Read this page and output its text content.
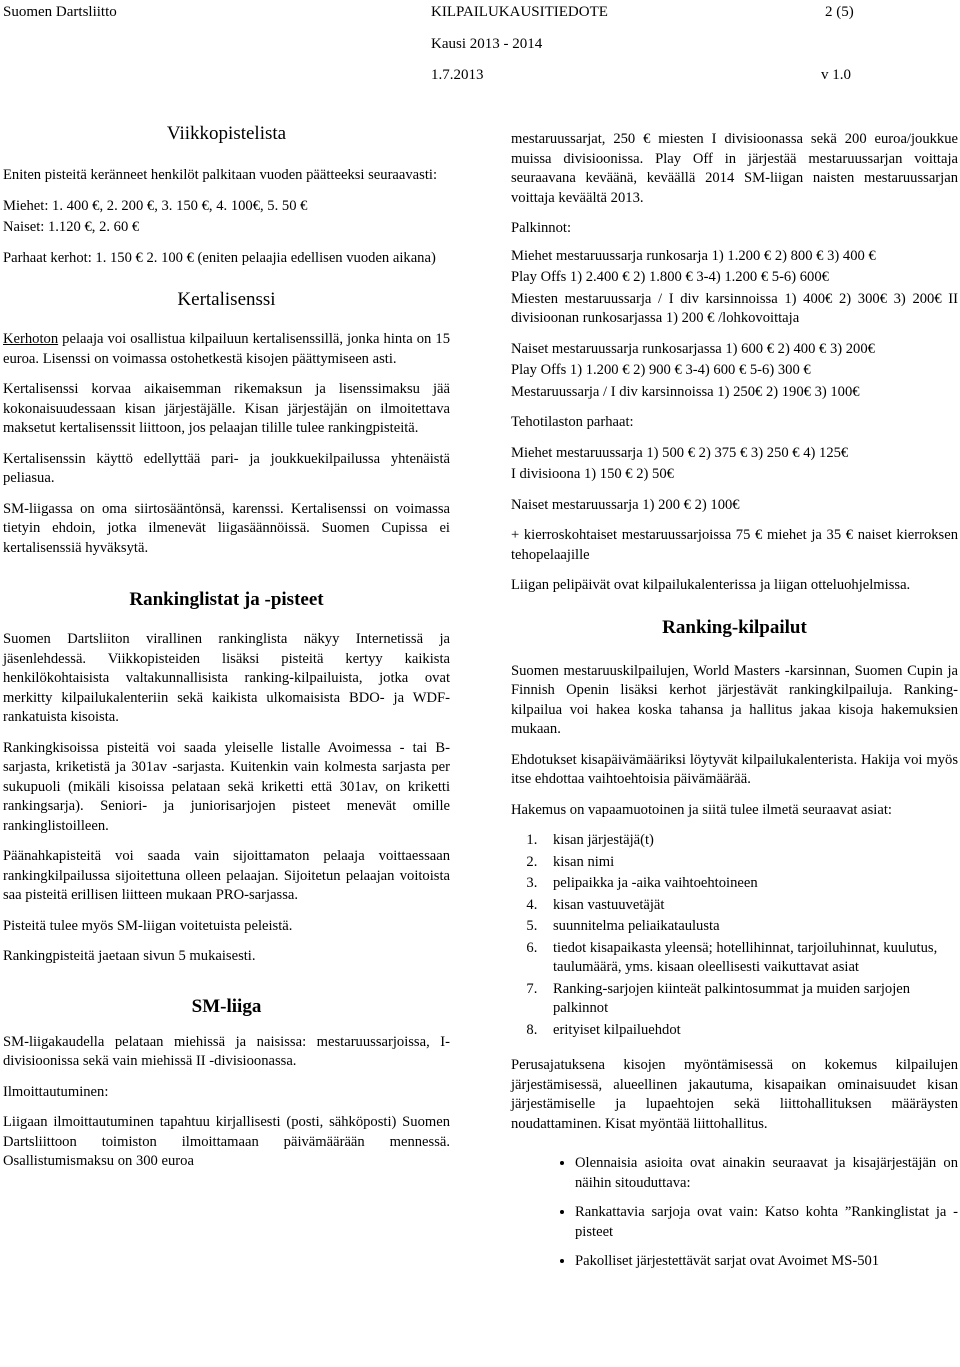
Suomen Dartsliitto	KILPAILUKAUSITIEDOTE	2 (5)
Kausi 2013 - 2014
1.7.2013	v 1.0
Viikkopistelista

Eniten pisteitä keränneet henkilöt palkitaan vuoden päätteeksi seuraavasti:

Miehet: 1. 400 €, 2. 200 €, 3. 150 €, 4. 100€, 5. 50 €

Naiset: 1.120 €, 2. 60 €

Parhaat kerhot: 1. 150 € 2. 100 € (eniten pelaajia edellisen vuoden aikana)

Kertalisenssi

Kerhoton pelaaja voi osallistua kilpailuun kertalisenssillä, jonka hinta on 15 euroa. Lisenssi on voimassa ostohetkestä kisojen päättymiseen asti.

Kertalisenssi korvaa aikaisemman rikemaksun ja lisenssimaksu jää kokonaisuudessaan kisan järjestäjälle. Kisan järjestäjän on ilmoitettava maksetut kertalisenssit liittoon, jos pelaajan tilille tulee rankingpisteitä.

Kertalisenssin käyttö edellyttää pari- ja joukkuekilpailussa yhtenäistä peliasua.

SM-liigassa on oma siirtosääntönsä, karenssi. Kertalisenssi on voimassa tietyin ehdoin, jotka ilmenevät liigasäännöissä. Suomen Cupissa ei kertalisenssiä hyväksytä.

Rankinglistat ja -pisteet

Suomen Dartsliiton virallinen rankinglista näkyy Internetissä ja jäsenlehdessä. Viikkopisteiden lisäksi pisteitä kertyy kaikista henkilökohtaisista valtakunnallisista ranking-kilpailuista, jotka ovat merkitty kilpailukalenteriin sekä kaikista ulkomaisista BDO- ja WDF-rankatuista kisoista.

Rankingkisoissa pisteitä voi saada yleiselle listalle Avoimessa - tai B-sarjasta, kriketistä ja 301av -sarjasta. Kuitenkin vain kolmesta sarjasta per sukupuoli (mikäli kisoissa pelataan sekä kriketti että 301av, on kriketti rankingsarja). Seniori- ja juniorisarjojen pisteet menevät omille rankinglistoilleen.

Päänahkapisteitä voi saada vain sijoittamaton pelaaja voittaessaan rankingkilpailussa sijoitettuna olleen pelaajan. Sijoitetun pelaajan voitoista saa pisteitä erillisen liitteen mukaan PRO-sarjassa.

Pisteitä tulee myös SM-liigan voitetuista peleistä.

Rankingpisteitä jaetaan sivun 5 mukaisesti.

SM-liiga

SM-liigakaudella pelataan miehissä ja naisissa: mestaruussarjoissa, I-divisioonissa sekä vain miehissä II -divisioonassa.

Ilmoittautuminen:

Liigaan ilmoittautuminen tapahtuu kirjallisesti (posti, sähköposti) Suomen Dartsliittoon toimiston ilmoittamaan päivämäärään mennessä. Osallistumismaksu on 300 euroa

mestaruussarjat, 250 € miesten I divisioonassa sekä 200 euroa/joukkue muissa divisioonissa. Play Off in järjestää mestaruussarjan voittaja seuraavana keväänä, keväällä 2014 SM-liigan naisten mestaruussarjan voittaja keväältä 2013.

Palkinnot:

Miehet mestaruussarja runkosarja 1) 1.200 € 2) 800 € 3) 400 €

Play Offs 1) 2.400 € 2) 1.800 € 3-4) 1.200 € 5-6) 600€

Miesten mestaruussarja / I div karsinnoissa 1) 400€ 2) 300€ 3) 200€ II divisioonan runkosarjassa 1) 200 € /lohkovoittaja

Naiset mestaruussarja runkosarjassa 1) 600 € 2) 400 € 3) 200€

Play Offs 1) 1.200 € 2) 900 € 3-4) 600 € 5-6) 300 €

Mestaruussarja / I div karsinnoissa 1) 250€ 2) 190€ 3) 100€

Tehotilaston parhaat:

Miehet mestaruussarja 1) 500 € 2) 375 € 3) 250 € 4) 125€

I divisioona 1) 150 € 2) 50€

Naiset mestaruussarja 1) 200 € 2) 100€

+ kierroskohtaiset mestaruussarjoissa 75 € miehet ja 35 € naiset kierroksen tehopelaajille

Liigan pelipäivät ovat kilpailukalenterissa ja liigan otteluohjelmissa.

Ranking-kilpailut

Suomen mestaruuskilpailujen, World Masters -karsinnan, Suomen Cupin ja Finnish Openin lisäksi kerhot järjestävät rankingkilpailuja. Ranking-kilpailua voi hakea koska tahansa ja hallitus jakaa kisoja hakemuksien mukaan.

Ehdotukset kisapäivämääriksi löytyvät kilpailukalenterista. Hakija voi myös itse ehdottaa vaihtoehtoisia päivämäärää.

Hakemus on vapaamuotoinen ja siitä tulee ilmetä seuraavat asiat:

1. kisan järjestäjä(t)
2. kisan nimi
3. pelipaikka ja -aika vaihtoehtoineen
4. kisan vastuuvetäjät
5. suunnitelma peliaikataulusta
6. tiedot kisapaikasta yleensä; hotellihinnat, tarjoiluhinnat, kuulutus, taulumäärä, yms. kisaan oleellisesti vaikuttavat asiat
7. Ranking-sarjojen kiinteät palkintosummat ja muiden sarjojen palkinnot
8. erityiset kilpailuehdot

Perusajatuksena kisojen myöntämisessä on kokemus kilpailujen järjestämisessä, alueellinen jakautuma, kisapaikan ominaisuudet kisan järjestämiselle ja lupaehtojen sekä liittohallituksen määräysten noudattaminen. Kisat myöntää liittohallitus.

• Olennaisia asioita ovat ainakin seuraavat ja kisajärjestäjän on näihin sitouduttava:
• Rankattavia sarjoja ovat vain: Katso kohta ”Rankinglistat ja -pisteet
• Pakolliset järjestettävät sarjat ovat Avoimet MS-501
